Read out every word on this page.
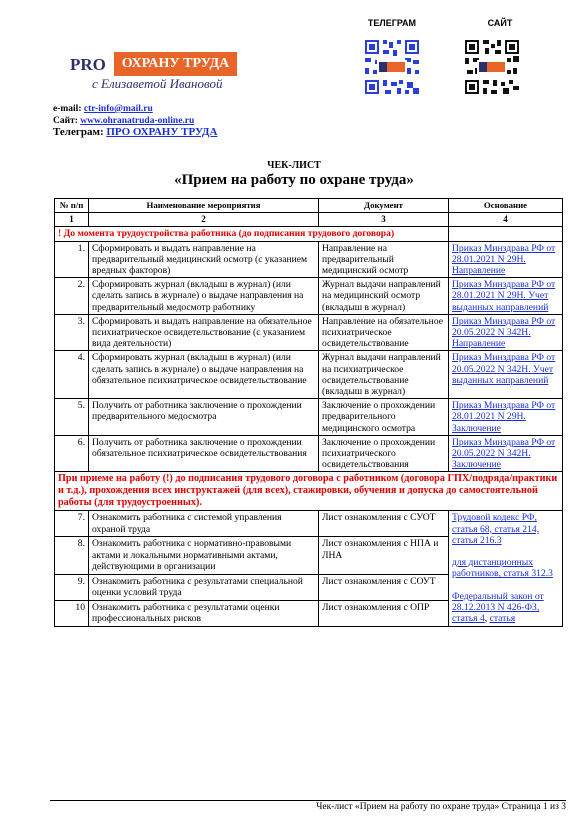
PRO	ОХРАНУ ТРУДА
с Елизаветой Ивановой
e-mail: ctr-info@mail.ru
Сайт: www.ohranatruda-online.ru
Телеграм: ПРО ОХРАНУ ТРУДА
ТЕЛЕГРАМ	САЙТ
ЧЕК-ЛИСТ
«Прием на работу по охране труда»
№ п/п	Наименование мероприятия	Документ	Основание
1	2	3	4
! До момента трудоустройства работника (до подписания трудового договора)			
1.	Сформировать и выдать направление на предварительный медицинский осмотр (с указанием вредных факторов)	Направление на предварительный медицинский осмотр	Приказ Минздрава РФ от 28.01.2021 N 29Н. Направление
2.	Сформировать журнал (вкладыш в журнал) (или сделать запись в журнале) о выдаче направления на предварительный медосмотр работнику	Журнал выдачи направлений на медицинский осмотр (вкладыш в журнал)	Приказ Минздрава РФ от 28.01.2021 N 29Н. Учет выданных направлений
3.	Сформировать и выдать направление на обязательное психиатрическое освидетельствование (с указанием вида деятельности)	Направление на обязательное психиатрическое освидетельствование	Приказ Минздрава РФ от 20.05.2022 N 342Н. Направление
4.	Сформировать журнал (вкладыш в журнал) (или сделать запись в журнале) о выдаче направления на обязательное психиатрическое освидетельствование	Журнал выдачи направлений на психиатрическое освидетельствование (вкладыш в журнал)	Приказ Минздрава РФ от 20.05.2022 N 342Н. Учет выданных направлений
5.	Получить от работника заключение о прохождении предварительного медосмотра	Заключение о прохождении предварительного медицинского осмотра	Приказ Минздрава РФ от 28.01.2021 N 29Н. Заключение
6.	Получить от работника заключение о прохождении обязательное психиатрическое освидетельствования	Заключение о прохождении психиатрического освидетельствования	Приказ Минздрава РФ от 20.05.2022 N 342Н. Заключение
При приеме на работу (!) до подписания трудового договора с работником (договора ГПХ/подряда/практики и т.д.), прохождения всех инструктажей (для всех), стажировки, обучения и допуска до самостоятельной работы (для трудоустроенных).			
7.	Ознакомить работника с системой управления охраной труда	Лист ознакомления с СУОТ	Трудовой кодекс РФ, статья 68, статья 214, статья 216.3

для дистанционных работников, статья 312.3

Федеральный закон от 28.12.2013 N 426-ФЗ, статья 4, статья
8.	Ознакомить работника с нормативно-правовыми актами и локальными нормативными актами, действующими в организации	Лист ознакомления с НПА и ЛНА	
9.	Ознакомить работника с результатами специальной оценки условий труда	Лист ознакомления с СОУТ	
10	Ознакомить работника с результатами оценки профессиональных рисков	Лист ознакомления с ОПР	
Чек-лист «Прием на работу по охране труда» Страница 1 из 3
